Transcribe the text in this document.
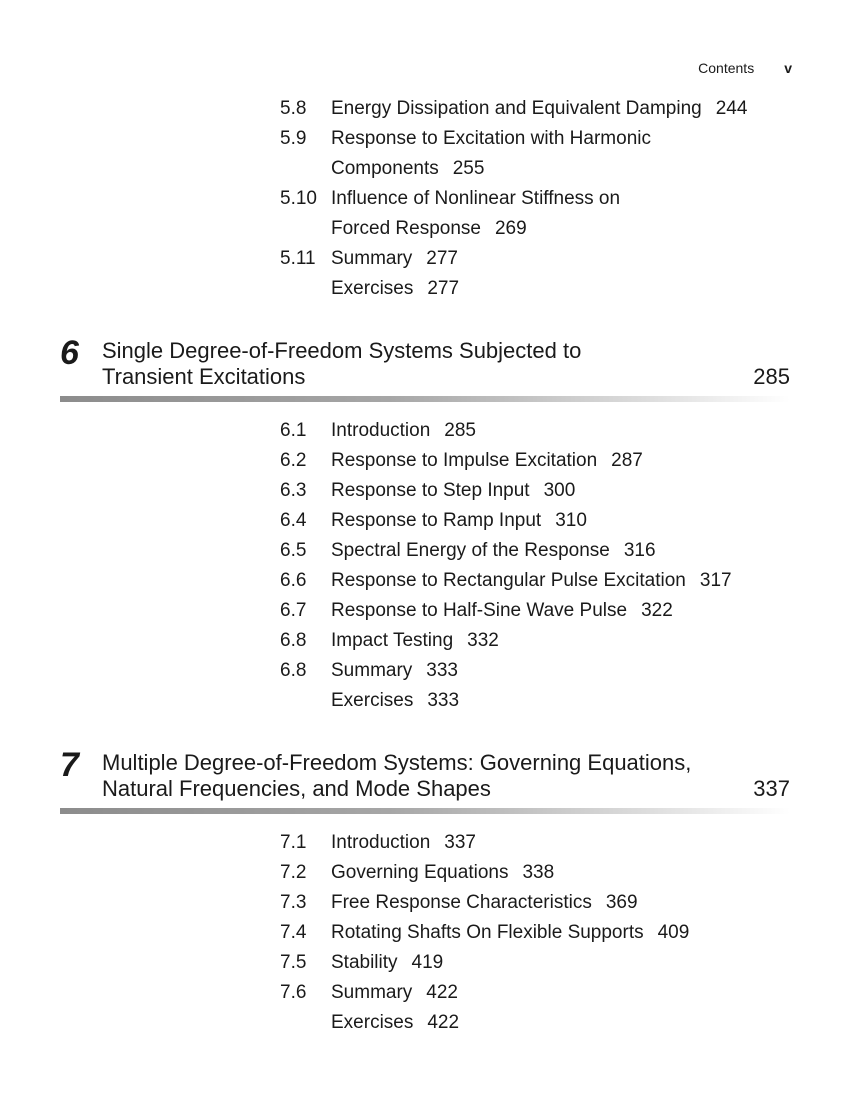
Contents v
5.8 Energy Dissipation and Equivalent Damping 244
5.9 Response to Excitation with Harmonic
Components 255
5.10 Influence of Nonlinear Stiffness on
Forced Response 269
5.11 Summary 277
Exercises 277
6 Single Degree-of-Freedom Systems Subjected to
Transient Excitations	285
6.1 Introduction 285
6.2 Response to Impulse Excitation 287
6.3 Response to Step Input 300
6.4 Response to Ramp Input 310
6.5 Spectral Energy of the Response 316
6.6 Response to Rectangular Pulse Excitation 317
6.7 Response to Half-Sine Wave Pulse 322
6.8 Impact Testing 332
6.8 Summary 333
Exercises 333
7 Multiple Degree-of-Freedom Systems: Governing Equations,
Natural Frequencies, and Mode Shapes	337
7.1 Introduction 337
7.2 Governing Equations 338
7.3 Free Response Characteristics 369
7.4 Rotating Shafts On Flexible Supports 409
7.5 Stability 419
7.6 Summary 422
Exercises 422
